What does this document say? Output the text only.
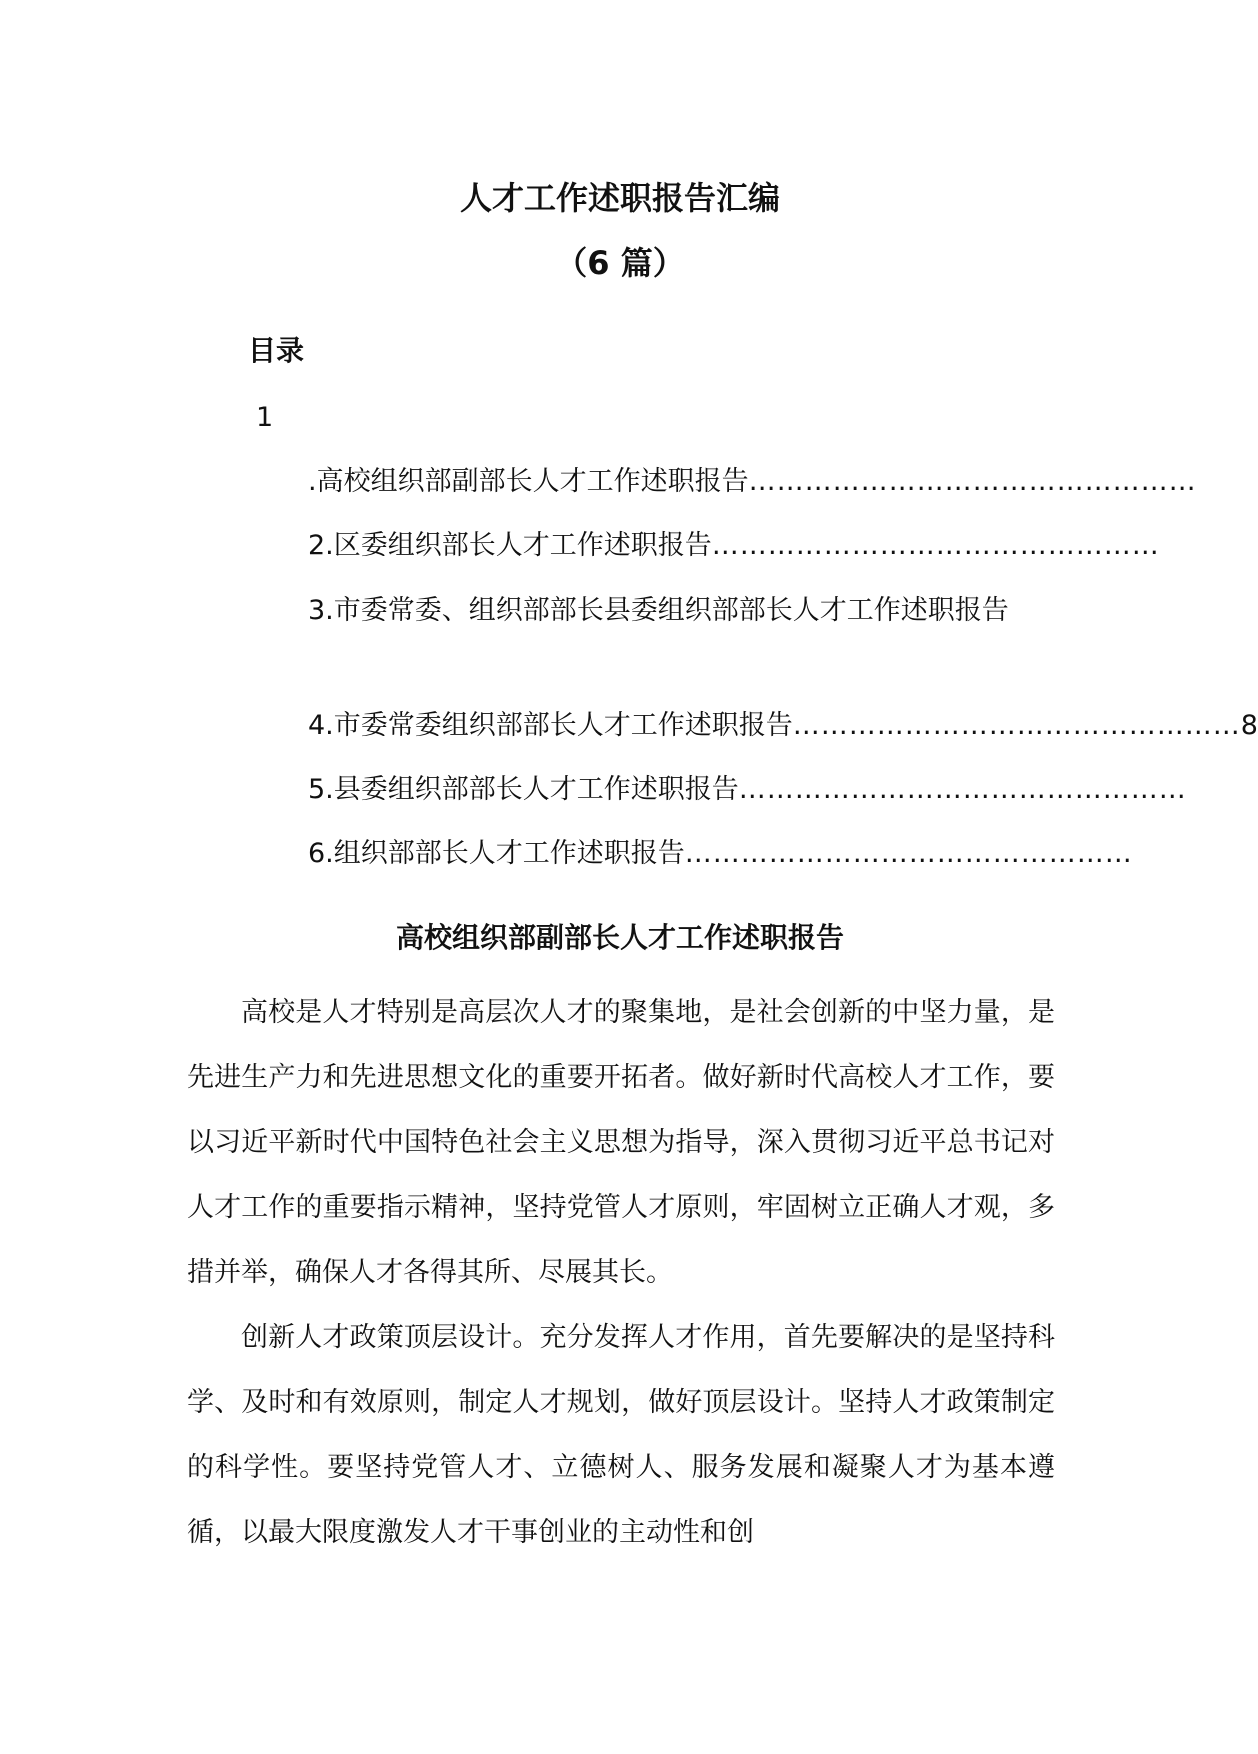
人才工作述职报告汇编
（6 篇）
目录
1
.高校组织部副部长人才工作述职报告 …………………………………………
2.区委组织部长人才工作述职报告 …………………………………………
3.市委常委、组织部部长县委组织部部长人才工作述职报告
4.市委常委组织部部长人才工作述职报告 ………………………………………… 8
5.县委组织部部长人才工作述职报告 …………………………………………
6.组织部部长人才工作述职报告 …………………………………………
高校组织部副部长人才工作述职报告

高校是人才特别是高层次人才的聚集地，是社会创新的中坚力量，是先进生产力和先进思想文化的重要开拓者。做好新时代高校人才工作，要以习近平新时代中国特色社会主义思想为指导，深入贯彻习近平总书记对人才工作的重要指示精神，坚持党管人才原则，牢固树立正确人才观，多措并举，确保人才各得其所、尽展其长。

创新人才政策顶层设计。充分发挥人才作用，首先要解决的是坚持科学、及时和有效原则，制定人才规划，做好顶层设计。坚持人才政策制定的科学性。要坚持党管人才、立德树人、服务发展和凝聚人才为基本遵循，以最大限度激发人才干事创业的主动性和创
